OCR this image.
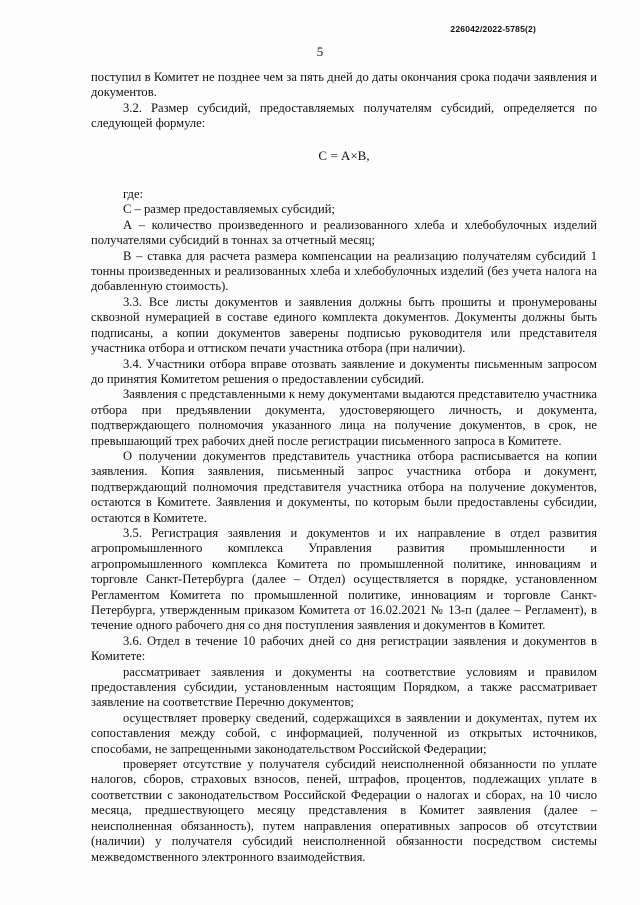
226042/2022-5785(2)
5

поступил в Комитет не позднее чем за пять дней до даты окончания срока подачи заявления и документов.

3.2. Размер субсидий, предоставляемых получателям субсидий, определяется по следующей формуле:

С = А×В,

где:

С – размер предоставляемых субсидий;

А – количество произведенного и реализованного хлеба и хлебобулочных изделий получателями субсидий в тоннах за отчетный месяц;

В – ставка для расчета размера компенсации на реализацию получателям субсидий 1 тонны произведенных и реализованных хлеба и хлебобулочных изделий (без учета налога на добавленную стоимость).

3.3. Все листы документов и заявления должны быть прошиты и пронумерованы сквозной нумерацией в составе единого комплекта документов. Документы должны быть подписаны, а копии документов заверены подписью руководителя или представителя участника отбора и оттиском печати участника отбора (при наличии).

3.4. Участники отбора вправе отозвать заявление и документы письменным запросом до принятия Комитетом решения о предоставлении субсидий.

Заявления с представленными к нему документами выдаются представителю участника отбора при предъявлении документа, удостоверяющего личность, и документа, подтверждающего полномочия указанного лица на получение документов, в срок, не превышающий трех рабочих дней после регистрации письменного запроса в Комитете.

О получении документов представитель участника отбора расписывается на копии заявления. Копия заявления, письменный запрос участника отбора и документ, подтверждающий полномочия представителя участника отбора на получение документов, остаются в Комитете. Заявления и документы, по которым были предоставлены субсидии, остаются в Комитете.

3.5. Регистрация заявления и документов и их направление в отдел развития агропромышленного комплекса Управления развития промышленности и агропромышленного комплекса Комитета по промышленной политике, инновациям и торговле Санкт-Петербурга (далее – Отдел) осуществляется в порядке, установленном Регламентом Комитета по промышленной политике, инновациям и торговле Санкт-Петербурга, утвержденным приказом Комитета от 16.02.2021 № 13-п (далее – Регламент), в течение одного рабочего дня со дня поступления заявления и документов в Комитет.

3.6. Отдел в течение 10 рабочих дней со дня регистрации заявления и документов в Комитете:

рассматривает заявления и документы на соответствие условиям и правилом предоставления субсидии, установленным настоящим Порядком, а также рассматривает заявление на соответствие Перечню документов;

осуществляет проверку сведений, содержащихся в заявлении и документах, путем их сопоставления между собой, с информацией, полученной из открытых источников, способами, не запрещенными законодательством Российской Федерации;

проверяет отсутствие у получателя субсидий неисполненной обязанности по уплате налогов, сборов, страховых взносов, пеней, штрафов, процентов, подлежащих уплате в соответствии с законодательством Российской Федерации о налогах и сборах, на 10 число месяца, предшествующего месяцу представления в Комитет заявления (далее – неисполненная обязанность), путем направления оперативных запросов об отсутствии (наличии) у получателя субсидий неисполненной обязанности посредством системы межведомственного электронного взаимодействия.
